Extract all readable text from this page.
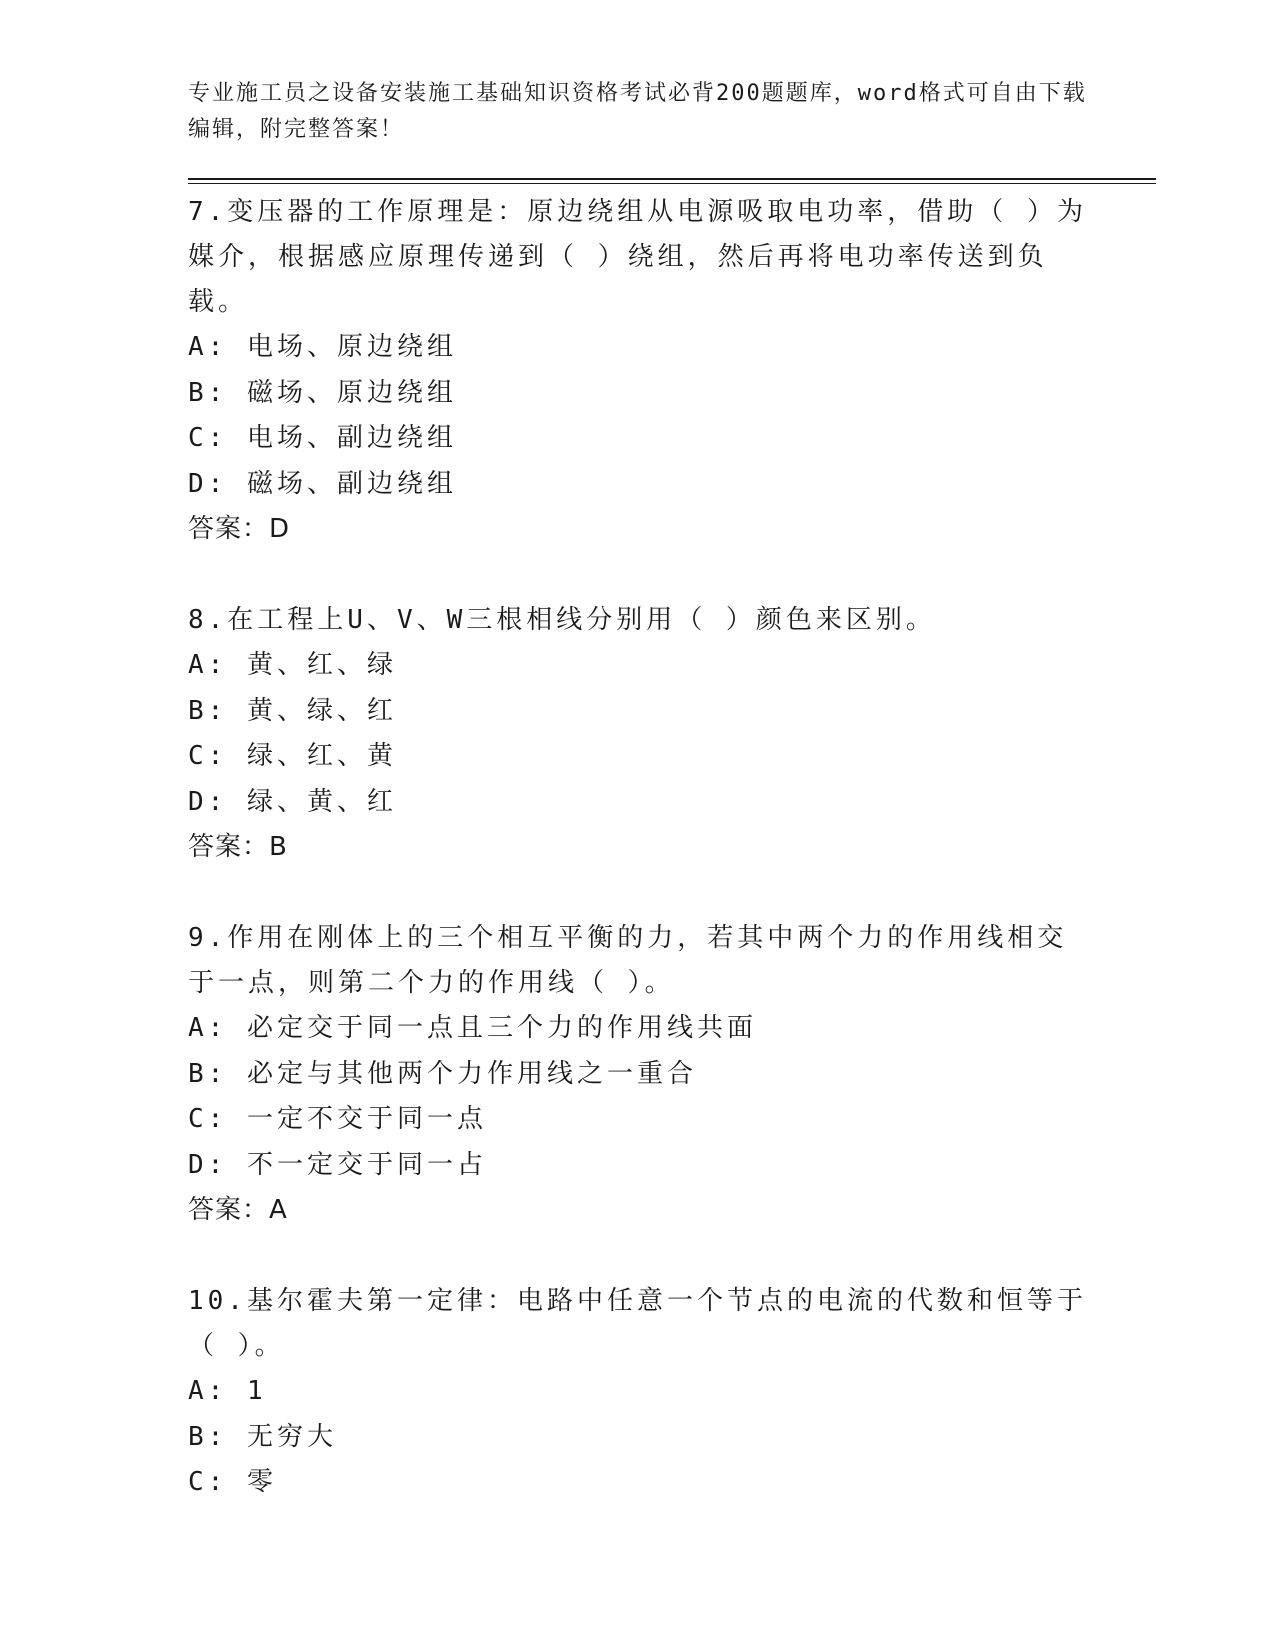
专业施工员之设备安装施工基础知识资格考试必背200题题库，word格式可自由下载编辑，附完整答案！

7.变压器的工作原理是：原边绕组从电源吸取电功率，借助（ ）为媒介，根据感应原理传递到（ ）绕组，然后再将电功率传送到负载。

A: 电场、原边绕组

B: 磁场、原边绕组

C: 电场、副边绕组

D: 磁场、副边绕组

答案：D

8.在工程上U、V、W三根相线分别用（ ）颜色来区别。

A: 黄、红、绿

B: 黄、绿、红

C: 绿、红、黄

D: 绿、黄、红

答案：B

9.作用在刚体上的三个相互平衡的力，若其中两个力的作用线相交于一点，则第二个力的作用线（ ）。

A: 必定交于同一点且三个力的作用线共面

B: 必定与其他两个力作用线之一重合

C: 一定不交于同一点

D: 不一定交于同一占

答案：A

10.基尔霍夫第一定律：电路中任意一个节点的电流的代数和恒等于（ ）。

A: 1

B: 无穷大

C: 零
